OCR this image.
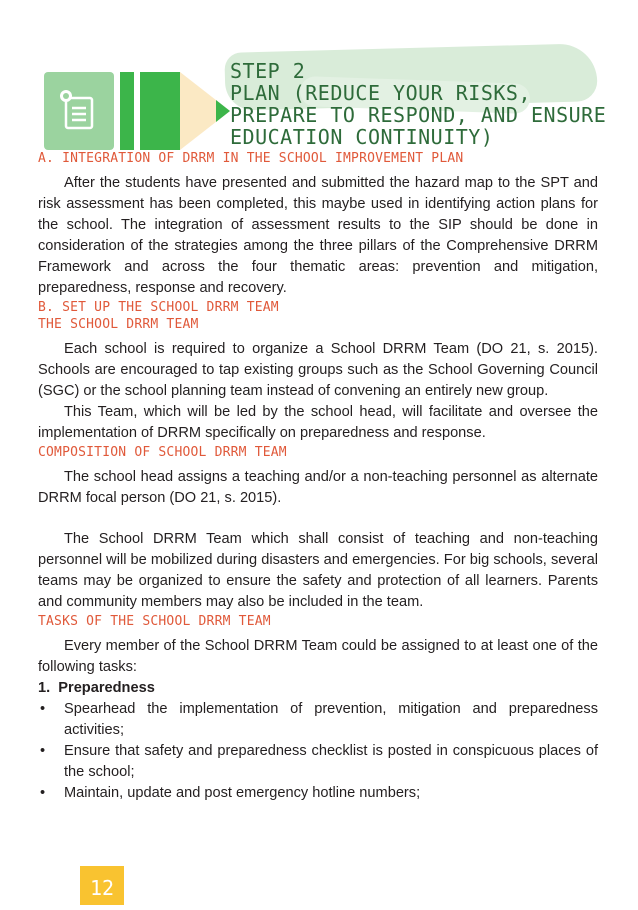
STEP 2
PLAN (REDUCE YOUR RISKS, PREPARE TO RESPOND, AND ENSURE EDUCATION CONTINUITY)
A. INTEGRATION OF DRRM IN THE SCHOOL IMPROVEMENT PLAN

After the students have presented and submitted the hazard map to the SPT and risk assessment has been completed, this maybe used in identifying action plans for the school. The integration of assessment results to the SIP should be done in consideration of the strategies among the three pillars of the Comprehensive DRRM Framework and across the four thematic areas: prevention and mitigation, preparedness, response and recovery.

B. SET UP THE SCHOOL DRRM TEAM
THE SCHOOL DRRM TEAM

Each school is required to organize a School DRRM Team (DO 21, s. 2015). Schools are encouraged to tap existing groups such as the School Governing Council (SGC) or the school planning team instead of convening an entirely new group.

This Team, which will be led by the school head, will facilitate and oversee the implementation of DRRM specifically on preparedness and response.

COMPOSITION OF SCHOOL DRRM TEAM

The school head assigns a teaching and/or a non-teaching personnel as alternate DRRM focal person (DO 21, s. 2015).

The School DRRM Team which shall consist of teaching and non-teaching personnel will be mobilized during disasters and emergencies. For big schools, several teams may be organized to ensure the safety and protection of all learners. Parents and community members may also be included in the team.

TASKS OF THE SCHOOL DRRM TEAM

Every member of the School DRRM Team could be assigned to at least one of the following tasks:

1. Preparedness
• Spearhead the implementation of prevention, mitigation and preparedness activities;
• Ensure that safety and preparedness checklist is posted in conspicuous places of the school;
• Maintain, update and post emergency hotline numbers;
12
